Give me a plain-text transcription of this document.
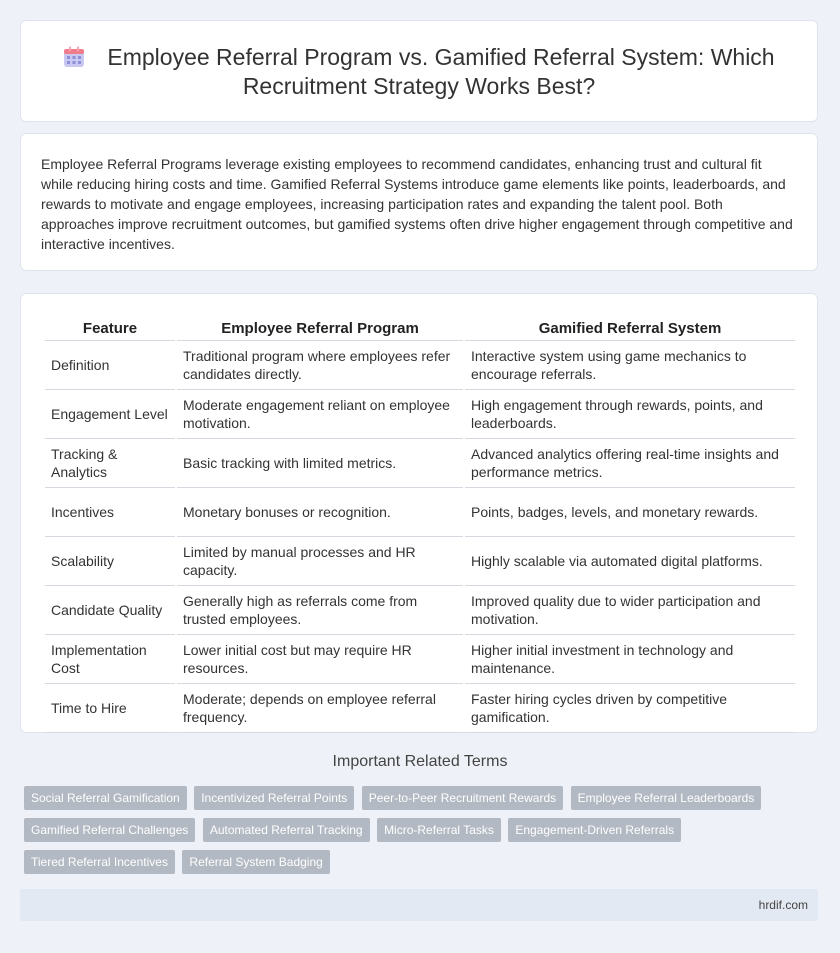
Employee Referral Program vs. Gamified Referral System: Which Recruitment Strategy Works Best?

Employee Referral Programs leverage existing employees to recommend candidates, enhancing trust and cultural fit while reducing hiring costs and time. Gamified Referral Systems introduce game elements like points, leaderboards, and rewards to motivate and engage employees, increasing participation rates and expanding the talent pool. Both approaches improve recruitment outcomes, but gamified systems often drive higher engagement through competitive and interactive incentives.

Feature	Employee Referral Program	Gamified Referral System
Definition	Traditional program where employees refer candidates directly.	Interactive system using game mechanics to encourage referrals.
Engagement Level	Moderate engagement reliant on employee motivation.	High engagement through rewards, points, and leaderboards.
Tracking & Analytics	Basic tracking with limited metrics.	Advanced analytics offering real-time insights and performance metrics.
Incentives	Monetary bonuses or recognition.	Points, badges, levels, and monetary rewards.
Scalability	Limited by manual processes and HR capacity.	Highly scalable via automated digital platforms.
Candidate Quality	Generally high as referrals come from trusted employees.	Improved quality due to wider participation and motivation.
Implementation Cost	Lower initial cost but may require HR resources.	Higher initial investment in technology and maintenance.
Time to Hire	Moderate; depends on employee referral frequency.	Faster hiring cycles driven by competitive gamification.
Important Related Terms
Social Referral Gamification Incentivized Referral Points Peer-to-Peer Recruitment Rewards Employee Referral Leaderboards Gamified Referral Challenges Automated Referral Tracking Micro-Referral Tasks Engagement-Driven Referrals Tiered Referral Incentives Referral System Badging
hrdif.com
